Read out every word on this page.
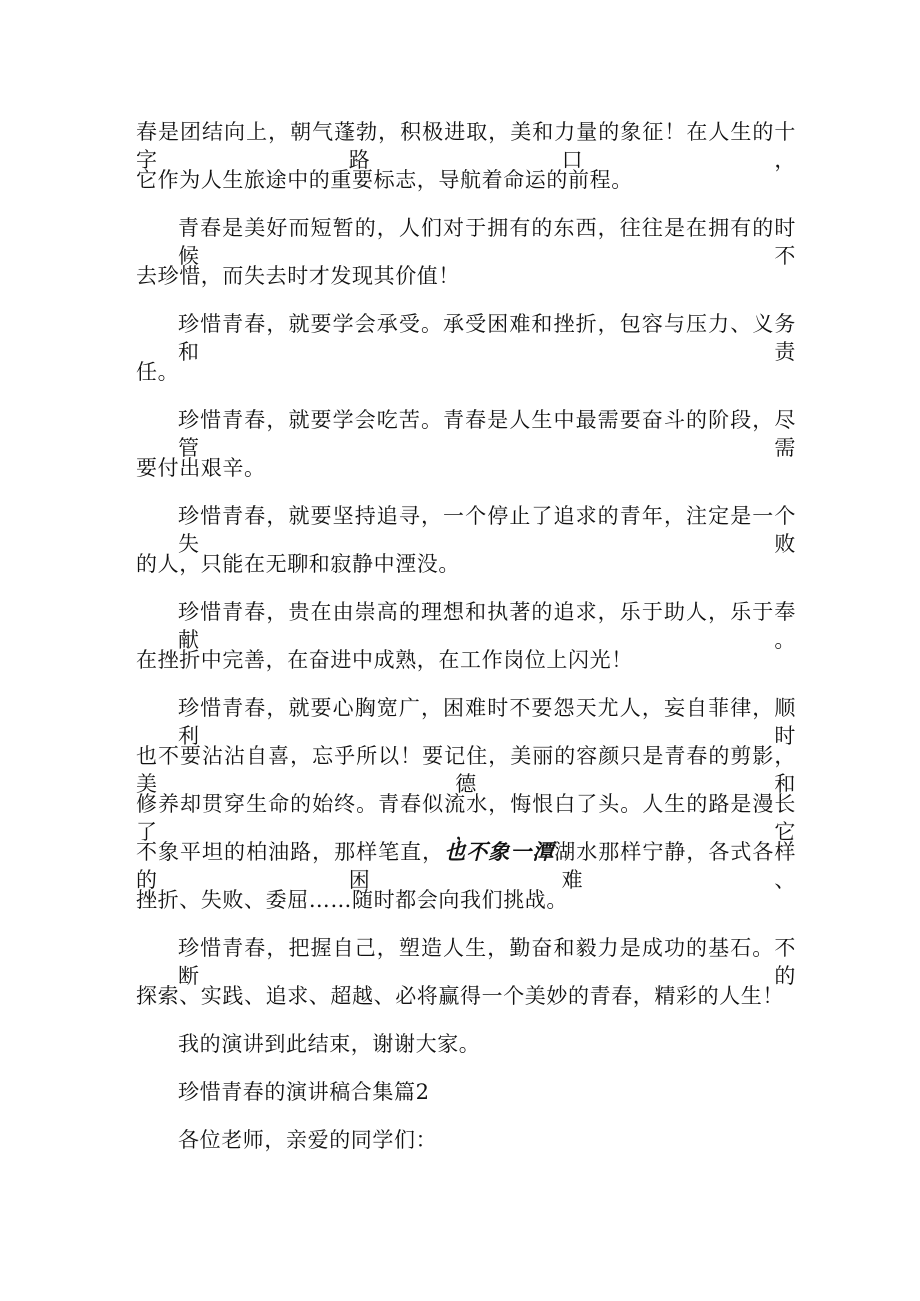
春是团结向上，朝气蓬勃，积极进取，美和力量的象征！在人生的十字路口，
它作为人生旅途中的重要标志，导航着命运的前程。
青春是美好而短暂的，人们对于拥有的东西，往往是在拥有的时候不
去珍惜，而失去时才发现其价值！
珍惜青春，就要学会承受。承受困难和挫折，包容与压力、义务和责
任。
珍惜青春，就要学会吃苦。青春是人生中最需要奋斗的阶段，尽管需
要付出艰辛。
珍惜青春，就要坚持追寻，一个停止了追求的青年，注定是一个失败
的人，只能在无聊和寂静中湮没。
珍惜青春，贵在由崇高的理想和执著的追求，乐于助人，乐于奉献。
在挫折中完善，在奋进中成熟，在工作岗位上闪光！
珍惜青春，就要心胸宽广，困难时不要怨天尤人，妄自菲律，顺利时
也不要沾沾自喜，忘乎所以！要记住，美丽的容颜只是青春的剪影，美德和
修养却贯穿生命的始终。青春似流水，悔恨白了头。人生的路是漫长了，它
不象平坦的柏油路，那样笔直，也不象一潭湖水那样宁静，各式各样的困难、
挫折、失败、委屈……随时都会向我们挑战。
珍惜青春，把握自己，塑造人生，勤奋和毅力是成功的基石。不断的
探索、实践、追求、超越、必将赢得一个美妙的青春，精彩的人生！
我的演讲到此结束，谢谢大家。
珍惜青春的演讲稿合集篇2
各位老师，亲爱的同学们：
